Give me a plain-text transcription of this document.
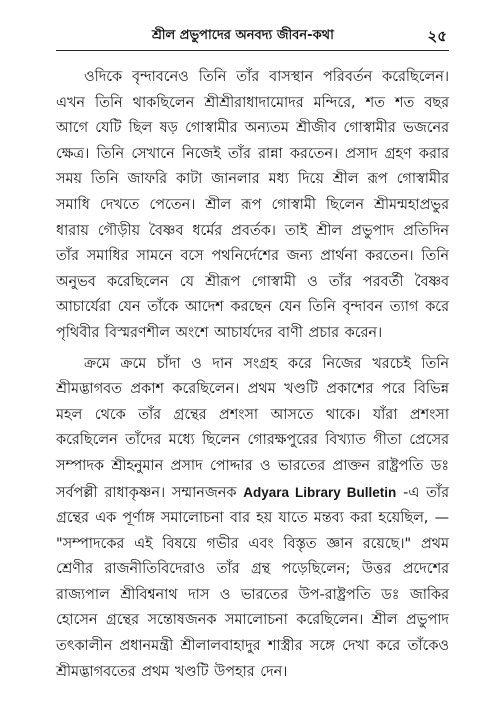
শ্রীল প্রভুপাদের অনবদ্য জীবন-কথা	২৫

ওদিকে বৃন্দাবনেও তিনি তাঁর বাসস্থান পরিবর্তন করেছিলেন। এখন তিনি থাকছিলেন শ্রীশ্রীরাধাদামোদর মন্দিরে, শত শত বছর আগে যেটি ছিল ষড় গোস্বামীর অন্যতম শ্রীজীব গোস্বামীর ভজনের ক্ষেত্র। তিনি সেখানে নিজেই তাঁর রান্না করতেন। প্রসাদ গ্রহণ করার সময় তিনি জাফরি কাটা জানলার মধ্য দিয়ে শ্রীল রূপ গোস্বামীর সমাধি দেখতে পেতেন। শ্রীল রূপ গোস্বামী ছিলেন শ্রীমন্মহাপ্রভুর ধারায় গৌড়ীয় বৈষ্ণব ধর্মের প্রবর্তক। তাই শ্রীল প্রভুপাদ প্রতিদিন তাঁর সমাধির সামনে বসে পথনির্দেশের জন্য প্রার্থনা করতেন। তিনি অনুভব করেছিলেন যে শ্রীরূপ গোস্বামী ও তাঁর পরবর্তী বৈষ্ণব আচার্যেরা যেন তাঁকে আদেশ করছেন যেন তিনি বৃন্দাবন ত্যাগ করে পৃথিবীর বিস্মরণশীল অংশে আচার্যদের বাণী প্রচার করেন।

ক্রমে ক্রমে চাঁদা ও দান সংগ্রহ করে নিজের খরচেই তিনি শ্রীমদ্ভাগবত প্রকাশ করেছিলেন। প্রথম খণ্ডটি প্রকাশের পরে বিভিন্ন মহল থেকে তাঁর গ্রন্থের প্রশংসা আসতে থাকে। যাঁরা প্রশংসা করেছিলেন তাঁদের মধ্যে ছিলেন গোরক্ষপুরের বিখ্যাত গীতা প্রেসের সম্পাদক শ্রীহনুমান প্রসাদ পোদ্দার ও ভারতের প্রাক্তন রাষ্ট্রপতি ডঃ সর্বপল্লী রাধাকৃষ্ণন। সম্মানজনক Adyara Library Bulletin -এ তাঁর গ্রন্থের এক পূর্ণাঙ্গ সমালোচনা বার হয় যাতে মন্তব্য করা হয়েছিল, — "সম্পাদকের এই বিষয়ে গভীর এবং বিস্তৃত জ্ঞান রয়েছে।" প্রথম শ্রেণীর রাজনীতিবিদেরাও তাঁর গ্রন্থ পড়েছিলেন; উত্তর প্রদেশের রাজ্যপাল শ্রীবিশ্বনাথ দাস ও ভারতের উপ-রাষ্ট্রপতি ডঃ জাকির হোসেন গ্রন্থের সন্তোষজনক সমালোচনা করেছিলেন। শ্রীল প্রভুপাদ তৎকালীন প্রধানমন্ত্রী শ্রীলালবাহাদুর শাস্ত্রীর সঙ্গে দেখা করে তাঁকেও শ্রীমদ্ভাগবতের প্রথম খণ্ডটি উপহার দেন।
